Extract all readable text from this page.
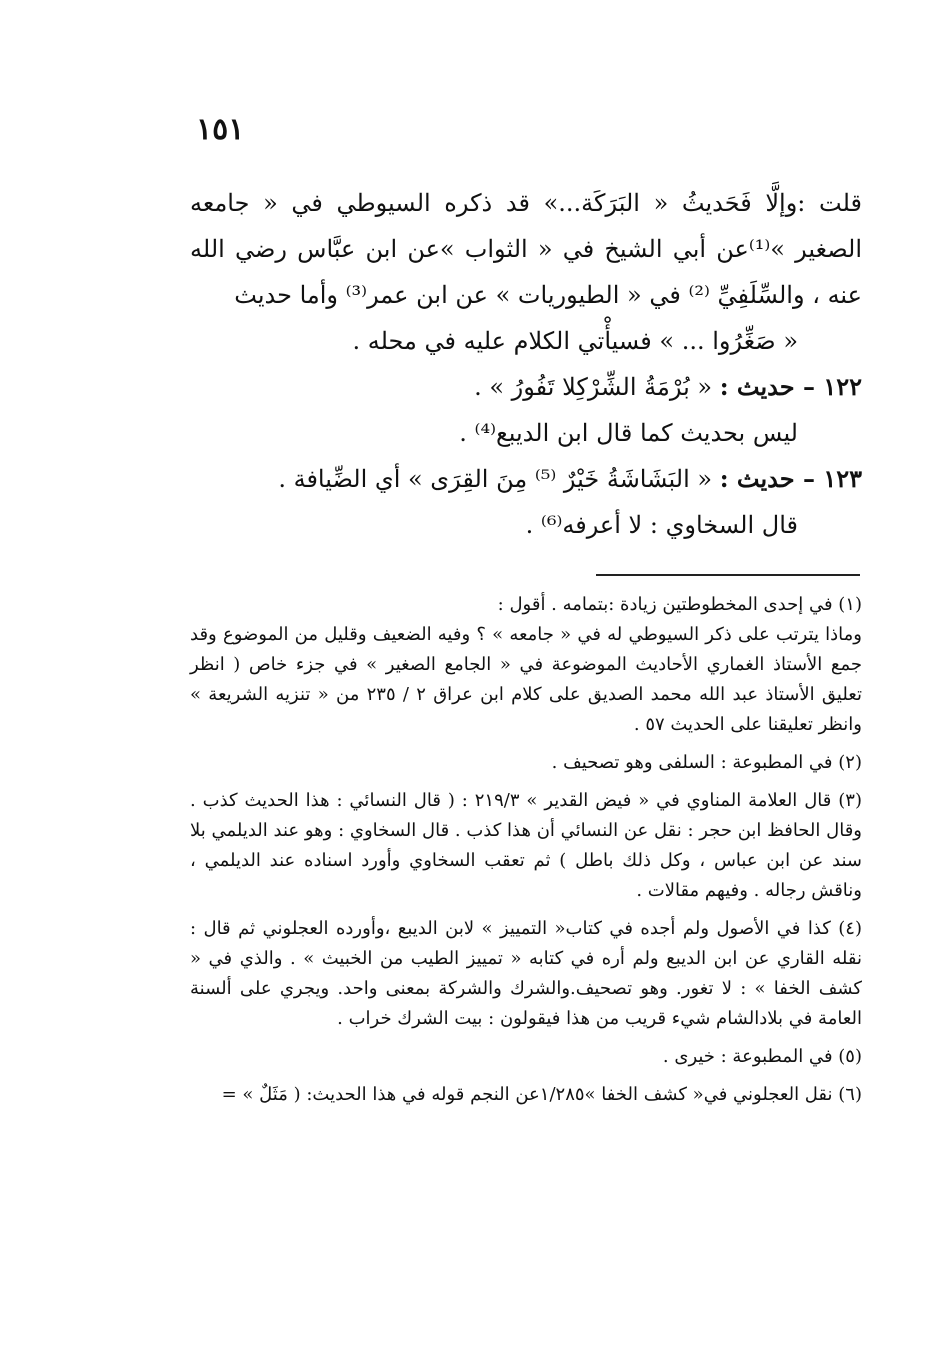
١٥١

قلت :وإلَّا فَحَديثُ « البَرَكَة...» قد ذكره السيوطي في « جامعه الصغير »⁽¹⁾عن أبي الشيخ في « الثواب »عن ابن عبَّاس رضي الله عنه ، والسِّلَفِيِّ ⁽²⁾ في « الطيوريات » عن ابن عمر⁽³⁾ وأما حديث

« صَغِّرُوا ... » فسيأْتي الكلام عليه في محله .

١٢٢ – حديث : « بُرْمَةُ الشِّرْكِلا تَفُورُ » .

ليس بحديث كما قال ابن الديبع⁽⁴⁾ .

١٢٣ – حديث : « البَشَاشَةُ خَيْرٌ ⁽⁵⁾ مِنَ القِرَى » أي الضِّيافة .

قال السخاوي : لا أعرفه⁽⁶⁾ .

(١) في إحدى المخطوطتين زيادة :بتمامه . أقول :

وماذا يترتب على ذكر السيوطي له في « جامعه » ؟ وفيه الضعيف وقليل من الموضوع وقد جمع الأستاذ الغماري الأحاديث الموضوعة في « الجامع الصغير » في جزء خاص ( انظر تعليق الأستاذ عبد الله محمد الصديق على كلام ابن عراق ٢ / ٢٣٥ من « تنزيه الشريعة » وانظر تعليقنا على الحديث ٥٧ .

(٢) في المطبوعة : السلفى وهو تصحيف .

(٣) قال العلامة المناوي في « فيض القدير » ٢١٩/٣ : ( قال النسائي : هذا الحديث كذب . وقال الحافظ ابن حجر : نقل عن النسائي أن هذا كذب . قال السخاوي : وهو عند الديلمي بلا سند عن ابن عباس ، وكل ذلك باطل ) ثم تعقب السخاوي وأورد اسناده عند الديلمي ، وناقش رجاله . وفيهم مقالات .

(٤) كذا في الأصول ولم أجده في كتاب« التمييز » لابن الديبع ،وأورده العجلوني ثم قال : نقله القاري عن ابن الديبع ولم أره في كتابه « تمييز الطيب من الخبيث » . والذي في « كشف الخفا » : لا تغور. وهو تصحيف.والشرك والشركة بمعنى واحد. ويجري على ألسنة العامة في بلادالشام شيء قريب من هذا فيقولون : بيت الشرك خراب .

(٥) في المطبوعة : خيرى .

(٦) نقل العجلوني في« كشف الخفا »١/٢٨٥عن النجم قوله في هذا الحديث: ( مَثَلٌ » =
